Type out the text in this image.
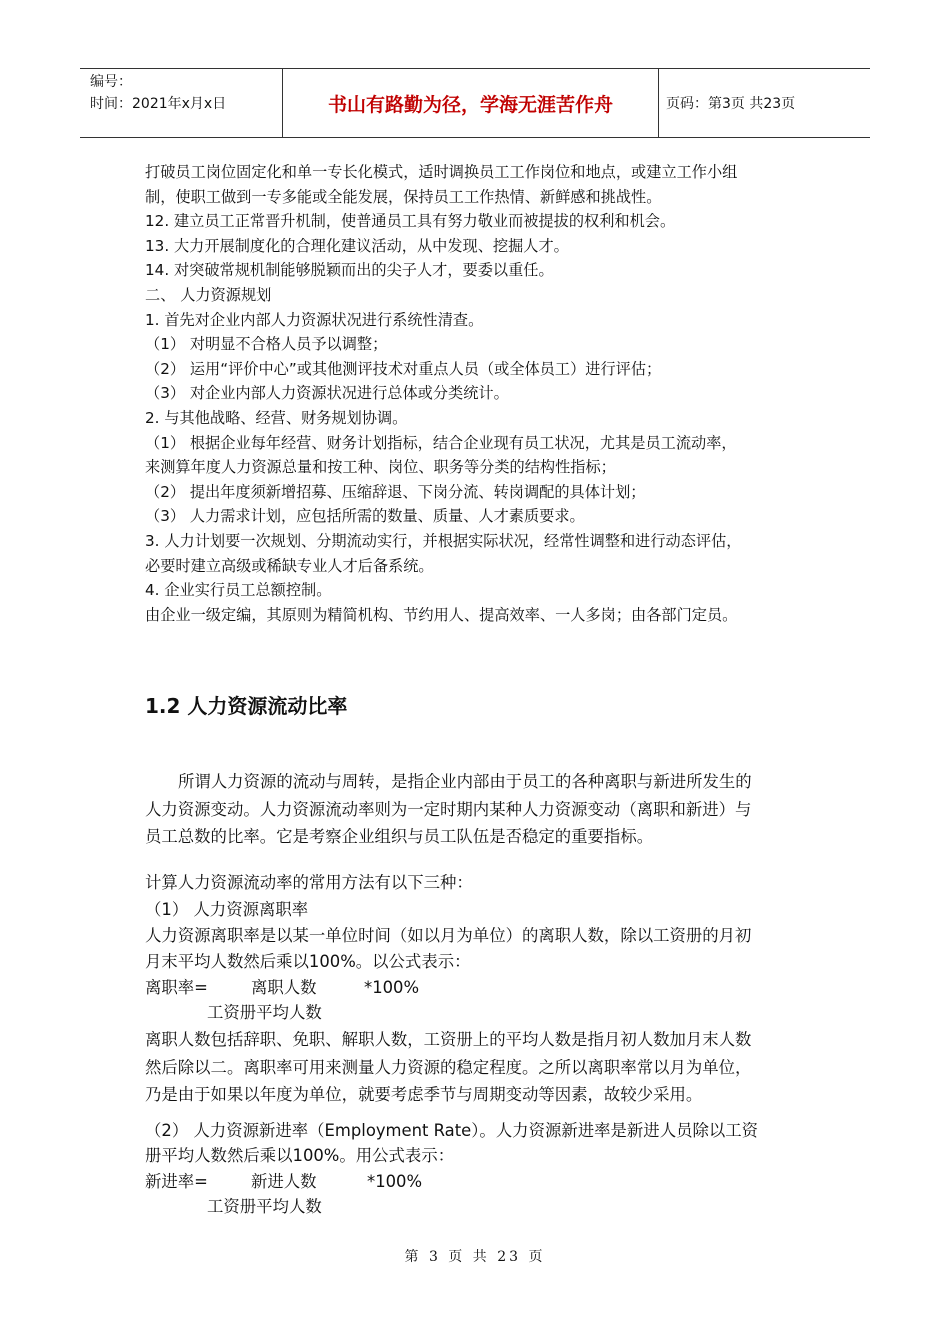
编号：
时间：2021年x月x日	书山有路勤为径，学海无涯苦作舟	页码：第3页 共23页
打破员工岗位固定化和单一专长化模式，适时调换员工工作岗位和地点，或建立工作小组
制，使职工做到一专多能或全能发展，保持员工工作热情、新鲜感和挑战性。
12. 建立员工正常晋升机制，使普通员工具有努力敬业而被提拔的权利和机会。
13. 大力开展制度化的合理化建议活动，从中发现、挖掘人才。
14. 对突破常规机制能够脱颖而出的尖子人才，要委以重任。
二、 人力资源规划
1. 首先对企业内部人力资源状况进行系统性清查。
（1） 对明显不合格人员予以调整；
（2） 运用“评价中心”或其他测评技术对重点人员（或全体员工）进行评估；
（3） 对企业内部人力资源状况进行总体或分类统计。
2. 与其他战略、经营、财务规划协调。
（1） 根据企业每年经营、财务计划指标，结合企业现有员工状况，尤其是员工流动率，
来测算年度人力资源总量和按工种、岗位、职务等分类的结构性指标；
（2） 提出年度须新增招募、压缩辞退、下岗分流、转岗调配的具体计划；
（3） 人力需求计划，应包括所需的数量、质量、人才素质要求。
3. 人力计划要一次规划、分期流动实行，并根据实际状况，经常性调整和进行动态评估，
必要时建立高级或稀缺专业人才后备系统。
4. 企业实行员工总额控制。
由企业一级定编，其原则为精简机构、节约用人、提高效率、一人多岗；由各部门定员。
1.2 人力资源流动比率
所谓人力资源的流动与周转，是指企业内部由于员工的各种离职与新进所发生的
人力资源变动。人力资源流动率则为一定时期内某种人力资源变动（离职和新进）与
员工总数的比率。它是考察企业组织与员工队伍是否稳定的重要指标。
计算人力资源流动率的常用方法有以下三种：
（1） 人力资源离职率
人力资源离职率是以某一单位时间（如以月为单位）的离职人数，除以工资册的月初
月末平均人数然后乘以100%。以公式表示：
离职率=	离职人数	*100%
工资册平均人数
离职人数包括辞职、免职、解职人数，工资册上的平均人数是指月初人数加月末人数
然后除以二。离职率可用来测量人力资源的稳定程度。之所以离职率常以月为单位，
乃是由于如果以年度为单位，就要考虑季节与周期变动等因素，故较少采用。
（2） 人力资源新进率（Employment Rate）。人力资源新进率是新进人员除以工资
册平均人数然后乘以100%。用公式表示：
新进率=	新进人数	*100%
工资册平均人数
第 3 页 共 23 页
